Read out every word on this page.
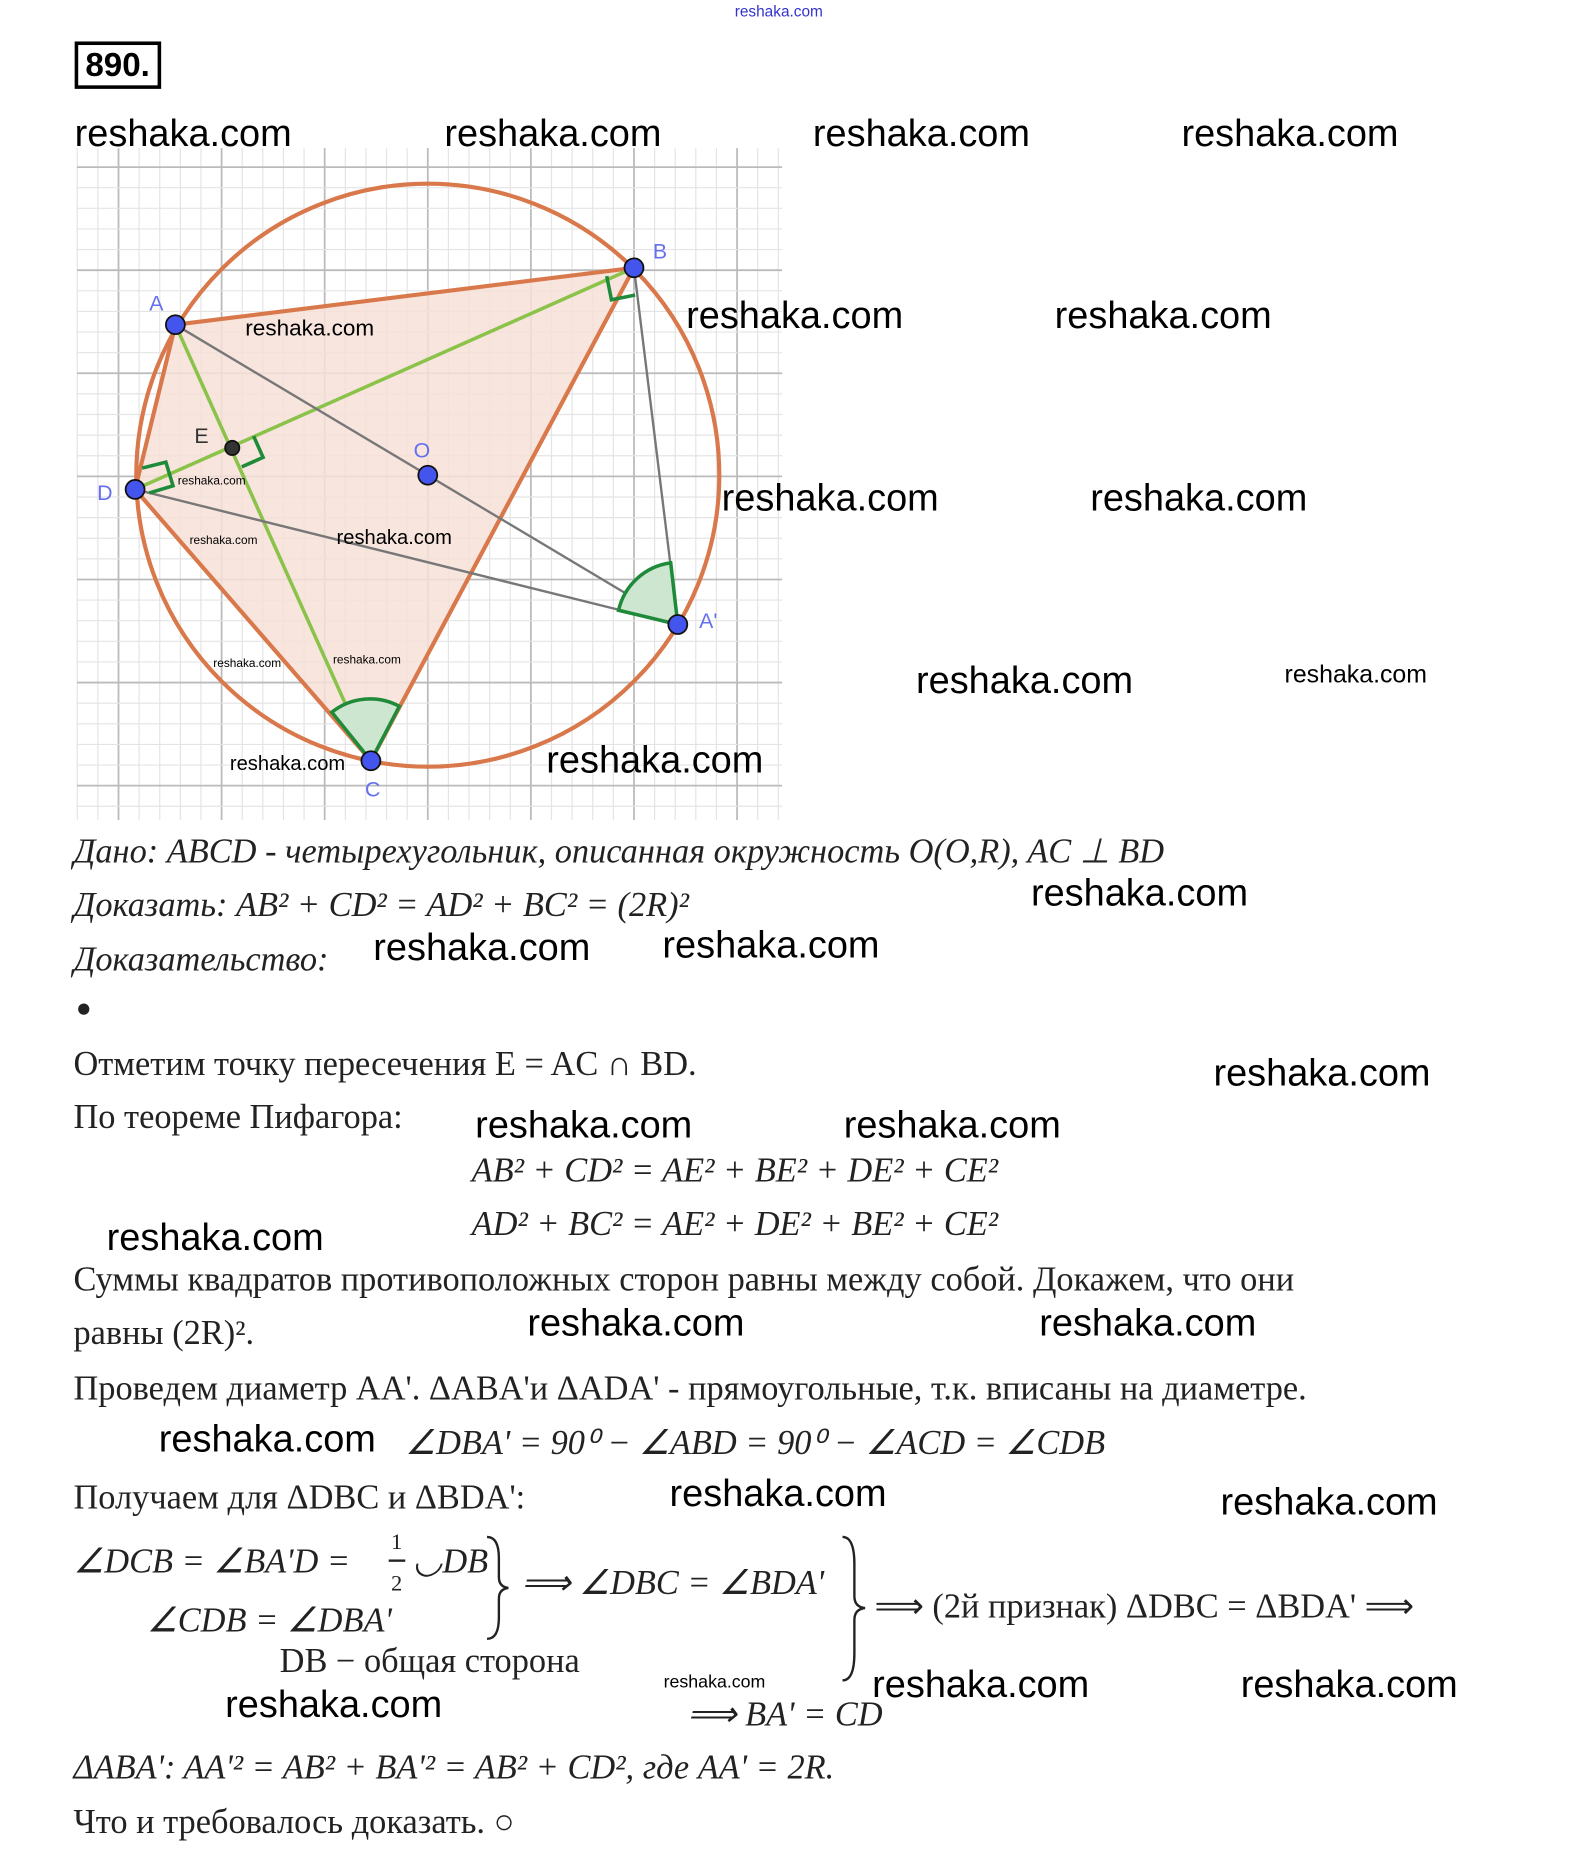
reshaka.com
890.
A
B
C
D
O
A'
E
reshaka.com	reshaka.com	reshaka.com	reshaka.com
reshaka.com	reshaka.com	reshaka.com
reshaka.com
reshaka.com	reshaka.com
reshaka.com	reshaka.com
reshaka.com	reshaka.com	reshaka.com	reshaka.com
reshaka.com	reshaka.com
reshaka.com
reshaka.com reshaka.com
reshaka.com
reshaka.com	reshaka.com
reshaka.com
reshaka.com	reshaka.com
reshaka.com
reshaka.com	reshaka.com
reshaka.com	reshaka.com
reshaka.com
reshaka.com
Дано: ABCD - четырехугольник, описанная окружность O(O,R), AC ⊥ BD
Доказать: AB² + CD² = AD² + BC² = (2R)²
Доказательство:
●
Отметим точку пересечения E = AC ∩ BD.
По теореме Пифагора:
AB² + CD² = AE² + BE² + DE² + CE²
AD² + BC² = AE² + DE² + BE² + CE²
Суммы квадратов противоположных сторон равны между собой. Докажем, что они
равны (2R)².
Проведем диаметр AA'. ΔABA'и ΔADA' - прямоугольные, т.к. вписаны на диаметре.
∠DBA' = 90⁰ − ∠ABD = 90⁰ − ∠ACD = ∠CDB
Получаем для ΔDBC и ΔBDA':
∠DCB = ∠BA'D =
1
2
◡DB
∠CDB = ∠DBA'
DB − общая сторона
⟹ ∠DBC = ∠BDA'
⟹ (2й признак) ΔDBC = ΔBDA' ⟹
⟹ BA' = CD
ΔABA': AA'² = AB² + BA'² = AB² + CD², где AA' = 2R.
Что и требовалось доказать. ○
